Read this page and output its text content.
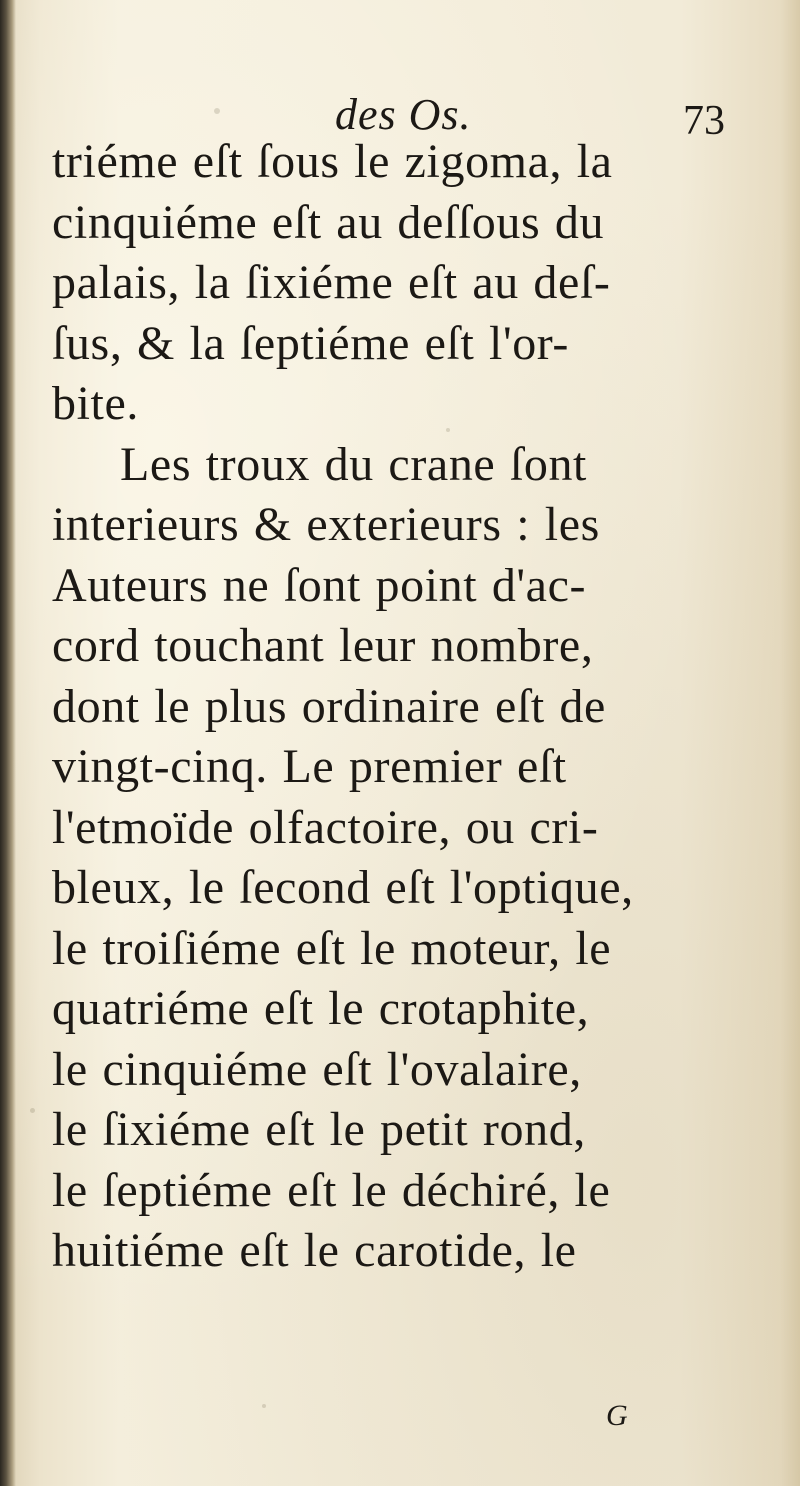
des Os.	73
triéme eſt ſous le zigoma, la
cinquiéme eſt au deſſous du
palais, la ſixiéme eſt au deſ-
ſus, & la ſeptiéme eſt l'or-
bite.
Les troux du crane ſont
interieurs & exterieurs : les
Auteurs ne ſont point d'ac-
cord touchant leur nombre,
dont le plus ordinaire eſt de
vingt-cinq. Le premier eſt
l'etmoïde olfactoire, ou cri-
bleux, le ſecond eſt l'optique,
le troiſiéme eſt le moteur, le
quatriéme eſt le crotaphite,
le cinquiéme eſt l'ovalaire,
le ſixiéme eſt le petit rond,
le ſeptiéme eſt le déchiré, le
huitiéme eſt le carotide, le
G
